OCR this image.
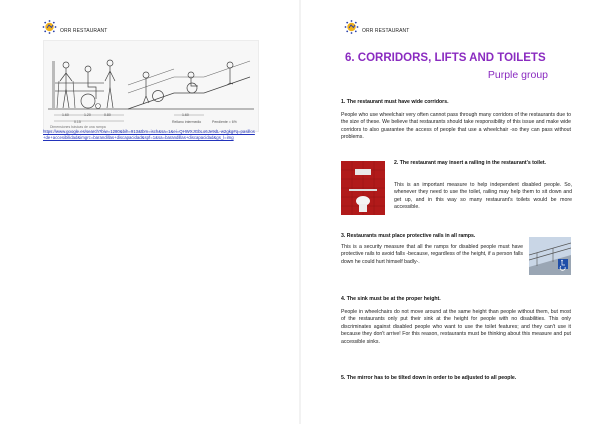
ORR RESTAURANT
Dimensiones básicas de una rampa
1.60	1.20	0.80	1.60
0.15	Rellano intermedio	Pendiente = 6%
https://www.google.es/search?biw=1280&bih=913&tbm=isch&sa=1&ei=QHWXJGbLo6Je9dL-w2gkg#q=pasillos+de+accesibilidad&imgrc=barandillas+discapacidad&spf=1&sa=barandillas+discapacidad&gs_l=img
ORR RESTAURANT
6. CORRIDORS, LIFTS AND TOILETS
Purple group
1. The restaurant must have wide corridors.
People who use wheelchair very often cannot pass through many corridors of the restaurants due to the size of these. We believe that restaurants should take responsibility of this issue and make wide corridors to also guarantee the access of people that use a wheelchair -so they can pass without problems.
2. The restaurant may insert a railing in the restaurant's toilet.
This is an important measure to help independent disabled people. So, whenever they need to use the toilet, railing may help them to sit down and get up, and in this way so many restaurant's toilets would be more accessible.
3. Restaurants must place protective rails in all ramps.
This is a security measure that all the ramps for disabled people must have protective rails to avoid falls -because, regardless of the height, if a person falls down he could hurt himself badly-.
4. The sink must be at the proper height.
People in wheelchairs do not move around at the same height than people without them, but most of the restaurants only put their sink at the height for people with no disabilities. This only discriminates against disabled people who want to use the toilet features; and they can't use it because they don't arrive! For this reason, restaurants must be thinking about this measure and put accessible sinks.
5. The mirror has to be tilted down in order to be adjusted to all people.
